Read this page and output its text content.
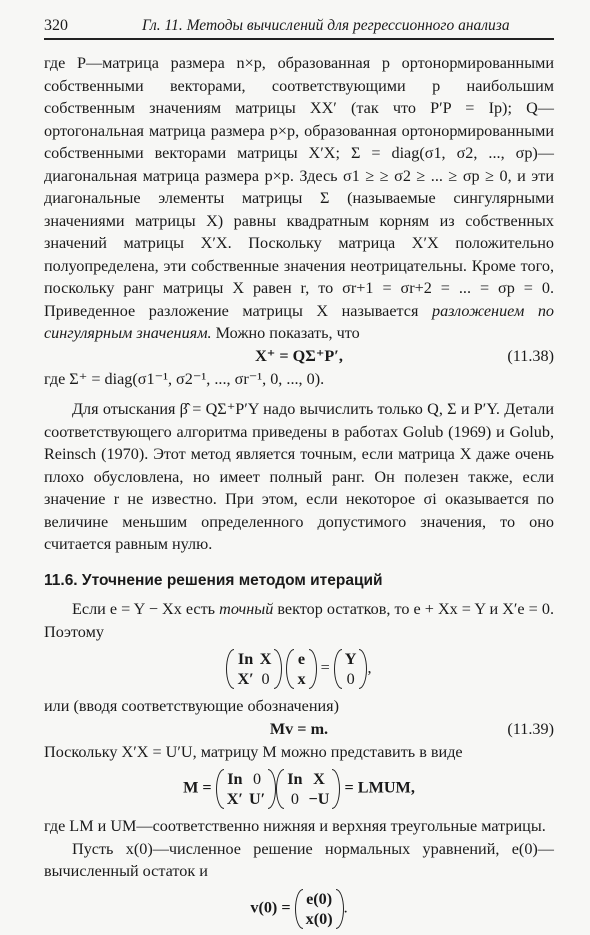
320	Гл. 11. Методы вычислений для регрессионного анализа

где P—матрица размера n×p, образованная p ортонормированными собственными векторами, соответствующими p наибольшим собственным значениям матрицы XX′ (так что P′P = Ip); Q—ортогональная матрица размера p×p, образованная ортонормированными собственными векторами матрицы X′X; Σ = diag(σ1, σ2, ..., σp)—диагональная матрица размера p×p. Здесь σ1 ≥ ≥ σ2 ≥ ... ≥ σp ≥ 0, и эти диагональные элементы матрицы Σ (называемые сингулярными значениями матрицы X) равны квадратным корням из собственных значений матрицы X′X. Поскольку матрица X′X положительно полуопределена, эти собственные значения неотрицательны. Кроме того, поскольку ранг матрицы X равен r, то σr+1 = σr+2 = ... = σp = 0. Приведенное разложение матрицы X называется разложением по сингулярным значениям. Можно показать, что

X⁺ = QΣ⁺P′,	(11.38)

где Σ⁺ = diag(σ1⁻¹, σ2⁻¹, ..., σr⁻¹, 0, ..., 0).

Для отыскания β̂ = QΣ⁺P′Y надо вычислить только Q, Σ и P′Y. Детали соответствующего алгоритма приведены в работах Golub (1969) и Golub, Reinsch (1970). Этот метод является точным, если матрица X даже очень плохо обусловлена, но имеет полный ранг. Он полезен также, если значение r не известно. При этом, если некоторое σi оказывается по величине меньшим определенного допустимого значения, то оно считается равным нулю.

11.6. Уточнение решения методом итераций

Если e = Y − Xx есть точный вектор остатков, то e + Xx = Y и X′e = 0. Поэтому

In	X
X′	0

e
x
= Y
0
,

или (вводя соответствующие обозначения)

Mv = m.	(11.39)

Поскольку X′X = U′U, матрицу M можно представить в виде

M = In	0
X′	U′
In	X
0	−U
= LMUM,

где LM и UM—соответственно нижняя и верхняя треугольные матрицы.

Пусть x(0)—численное решение нормальных уравнений, e(0)—вычисленный остаток и

v(0) = e(0)
x(0)
.
